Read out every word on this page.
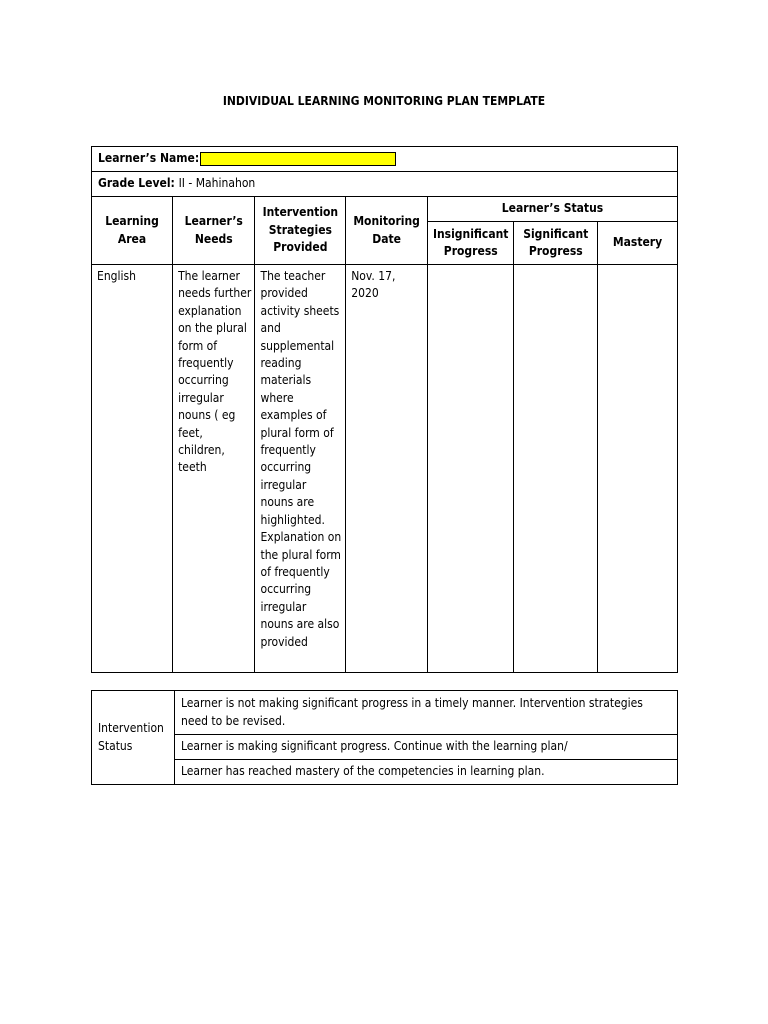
INDIVIDUAL LEARNING MONITORING PLAN TEMPLATE
Learner’s Name:						
Grade Level: II - Mahinahon						
Learning Area	Learner’s Needs	Intervention Strategies Provided	Monitoring Date	Learner’s Status		
				Insignificant Progress	Significant Progress	Mastery
English	The learner needs further explanation on the plural form of frequently occurring irregular nouns ( eg feet, children, teeth	The teacher provided activity sheets and supplemental reading materials where examples of plural form of frequently occurring irregular nouns are highlighted. Explanation on the plural form of frequently occurring irregular nouns are also provided	Nov. 17, 2020			
Intervention Status	Learner is not making significant progress in a timely manner. Intervention strategies need to be revised.
Learner is making significant progress. Continue with the learning plan/
Learner has reached mastery of the competencies in learning plan.
